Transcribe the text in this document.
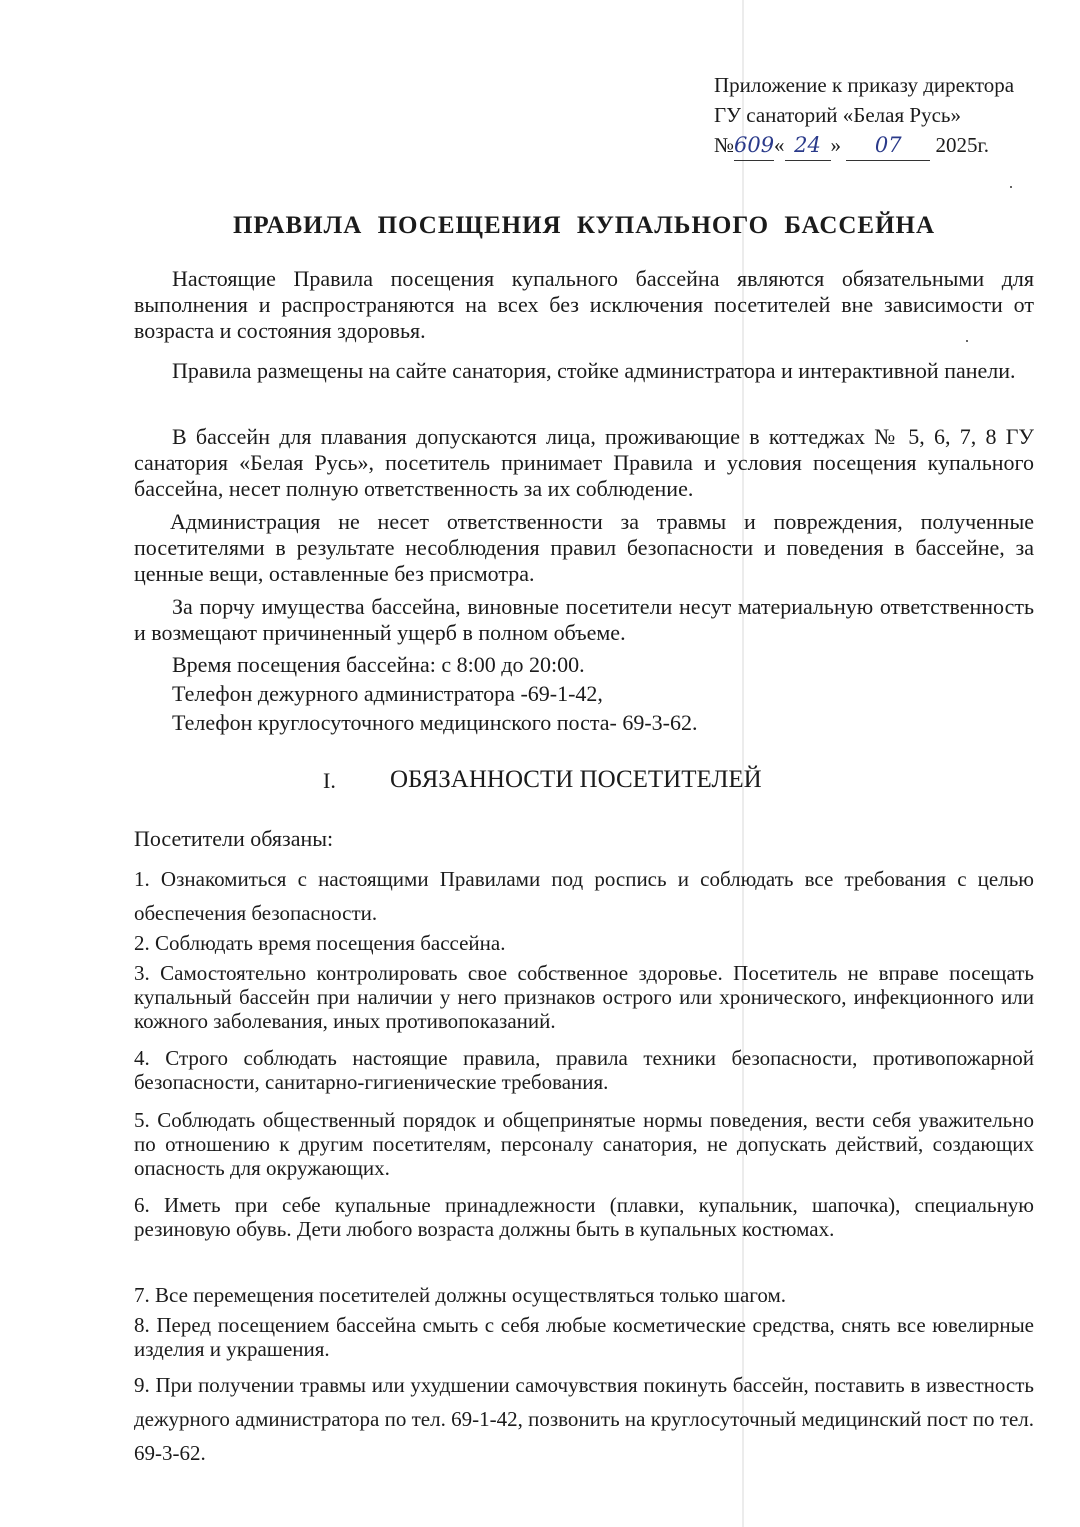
Приложение к приказу директора
ГУ санаторий «Белая Русь»
№609« 24 » 07 2025г.
ПРАВИЛА ПОСЕЩЕНИЯ КУПАЛЬНОГО БАССЕЙНА
Настоящие Правила посещения купального бассейна являются обязательными для выполнения и распространяются на всех без исключения посетителей вне зависимости от возраста и состояния здоровья.
Правила размещены на сайте санатория, стойке администратора и интерактивной панели.
В бассейн для плавания допускаются лица, проживающие в коттеджах № 5, 6, 7, 8 ГУ санатория «Белая Русь», посетитель принимает Правила и условия посещения купального бассейна, несет полную ответственность за их соблюдение.
Администрация не несет ответственности за травмы и повреждения, полученные посетителями в результате несоблюдения правил безопасности и поведения в бассейне, за ценные вещи, оставленные без присмотра.
За порчу имущества бассейна, виновные посетители несут материальную ответственность и возмещают причиненный ущерб в полном объеме.
Время посещения бассейна: с 8:00 до 20:00.
Телефон дежурного администратора -69-1-42,
Телефон круглосуточного медицинского поста- 69-3-62.
I. ОБЯЗАННОСТИ ПОСЕТИТЕЛЕЙ
Посетители обязаны:
1. Ознакомиться с настоящими Правилами под роспись и соблюдать все требования с целью обеспечения безопасности.
2. Соблюдать время посещения бассейна.
3. Самостоятельно контролировать свое собственное здоровье. Посетитель не вправе посещать купальный бассейн при наличии у него признаков острого или хронического, инфекционного или кожного заболевания, иных противопоказаний.
4. Строго соблюдать настоящие правила, правила техники безопасности, противопожарной безопасности, санитарно-гигиенические требования.
5. Соблюдать общественный порядок и общепринятые нормы поведения, вести себя уважительно по отношению к другим посетителям, персоналу санатория, не допускать действий, создающих опасность для окружающих.
6. Иметь при себе купальные принадлежности (плавки, купальник, шапочка), специальную резиновую обувь. Дети любого возраста должны быть в купальных костюмах.
7. Все перемещения посетителей должны осуществляться только шагом.
8. Перед посещением бассейна смыть с себя любые косметические средства, снять все ювелирные изделия и украшения.
9. При получении травмы или ухудшении самочувствия покинуть бассейн, поставить в известность дежурного администратора по тел. 69-1-42, позвонить на круглосуточный медицинский пост по тел. 69-3-62.
